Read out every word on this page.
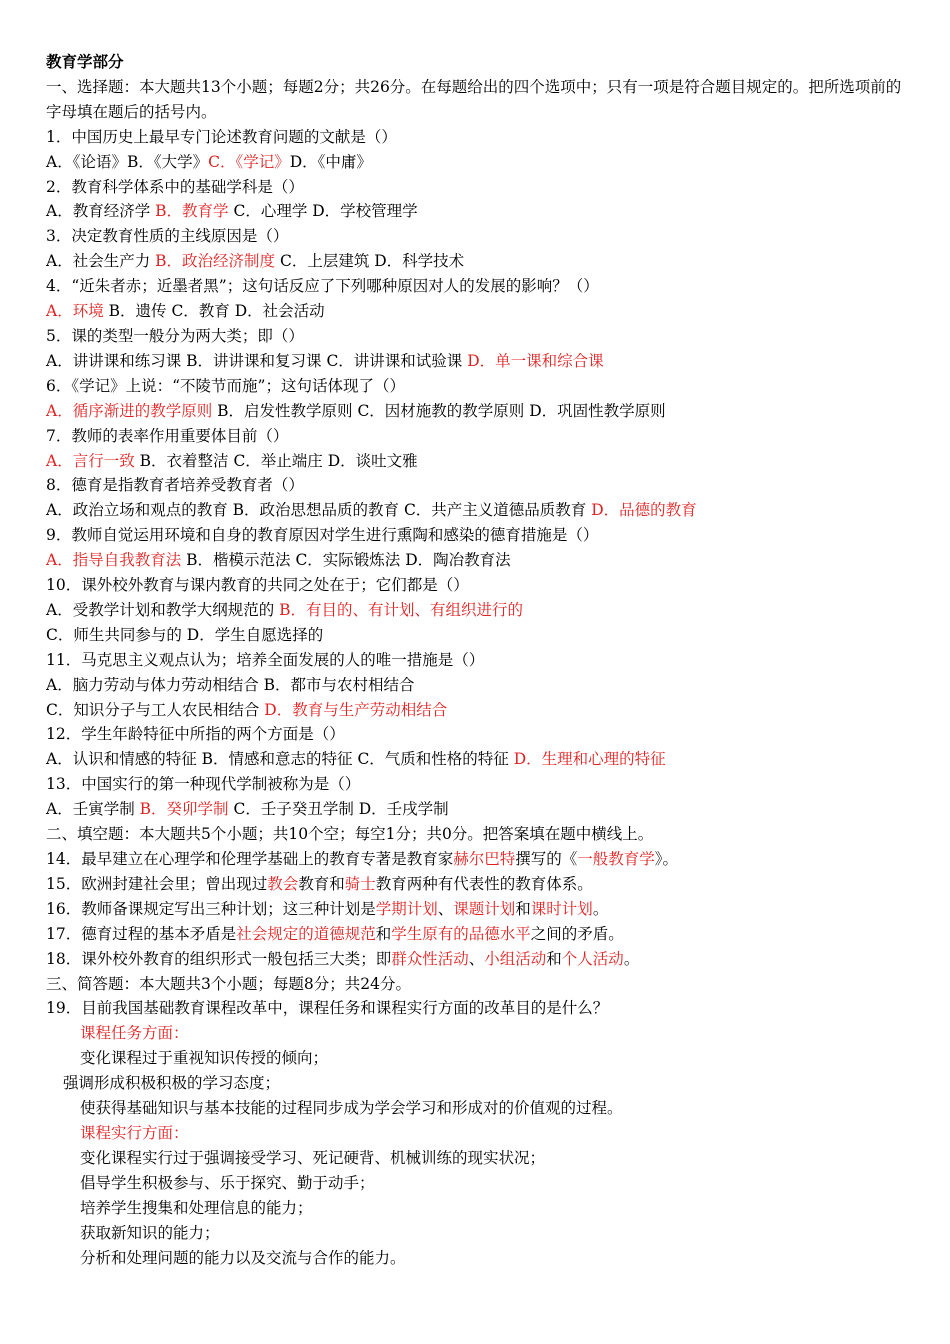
教育学部分
一、选择题：本大题共13个小题；每题2分；共26分。在每题给出的四个选项中；只有一项是符合题目规定的。把所选项前的字母填在题后的括号内。
1．中国历史上最早专门论述教育问题的文献是（）
A．《论语》B．《大学》C．《学记》D．《中庸》
2．教育科学体系中的基础学科是（）
A．教育经济学 B．教育学 C．心理学 D．学校管理学
3．决定教育性质的主线原因是（）
A．社会生产力 B．政治经济制度 C．上层建筑 D．科学技术
4．“近朱者赤；近墨者黑”；这句话反应了下列哪种原因对人的发展的影响？（）
A．环境 B．遗传 C．教育 D．社会活动
5．课的类型一般分为两大类；即（）
A．讲讲课和练习课 B．讲讲课和复习课 C．讲讲课和试验课 D．单一课和综合课
6．《学记》上说：“不陵节而施”；这句话体现了（）
A．循序渐进的教学原则 B．启发性教学原则 C．因材施教的教学原则 D．巩固性教学原则
7．教师的表率作用重要体目前（）
A．言行一致 B．衣着整洁 C．举止端庄 D．谈吐文雅
8．德育是指教育者培养受教育者（）
A．政治立场和观点的教育 B．政治思想品质的教育 C．共产主义道德品质教育 D．品德的教育
9．教师自觉运用环境和自身的教育原因对学生进行熏陶和感染的德育措施是（）
A．指导自我教育法 B．楷模示范法 C．实际锻炼法 D．陶冶教育法
10．课外校外教育与课内教育的共同之处在于；它们都是（）
A．受教学计划和教学大纲规范的 B．有目的、有计划、有组织进行的
C．师生共同参与的 D．学生自愿选择的
11．马克思主义观点认为；培养全面发展的人的唯一措施是（）
A．脑力劳动与体力劳动相结合 B．都市与农村相结合
C．知识分子与工人农民相结合 D．教育与生产劳动相结合
12．学生年龄特征中所指的两个方面是（）
A．认识和情感的特征 B．情感和意志的特征 C．气质和性格的特征 D．生理和心理的特征
13．中国实行的第一种现代学制被称为是（）
A．壬寅学制 B．癸卯学制 C．壬子癸丑学制 D．壬戌学制
二、填空题：本大题共5个小题；共10个空；每空1分；共0分。把答案填在题中横线上。
14．最早建立在心理学和伦理学基础上的教育专著是教育家赫尔巴特撰写的《一般教育学》。
15．欧洲封建社会里；曾出现过教会教育和骑士教育两种有代表性的教育体系。
16．教师备课规定写出三种计划；这三种计划是学期计划、课题计划和课时计划。
17．德育过程的基本矛盾是社会规定的道德规范和学生原有的品德水平之间的矛盾。
18．课外校外教育的组织形式一般包括三大类；即群众性活动、小组活动和个人活动。
三、简答题：本大题共3个小题；每题8分；共24分。
19．目前我国基础教育课程改革中，课程任务和课程实行方面的改革目的是什么？
课程任务方面：
变化课程过于重视知识传授的倾向；
强调形成积极积极的学习态度；
使获得基础知识与基本技能的过程同步成为学会学习和形成对的价值观的过程。
课程实行方面：
变化课程实行过于强调接受学习、死记硬背、机械训练的现实状况；
倡导学生积极参与、乐于探究、勤于动手；
培养学生搜集和处理信息的能力；
获取新知识的能力；
分析和处理问题的能力以及交流与合作的能力。
